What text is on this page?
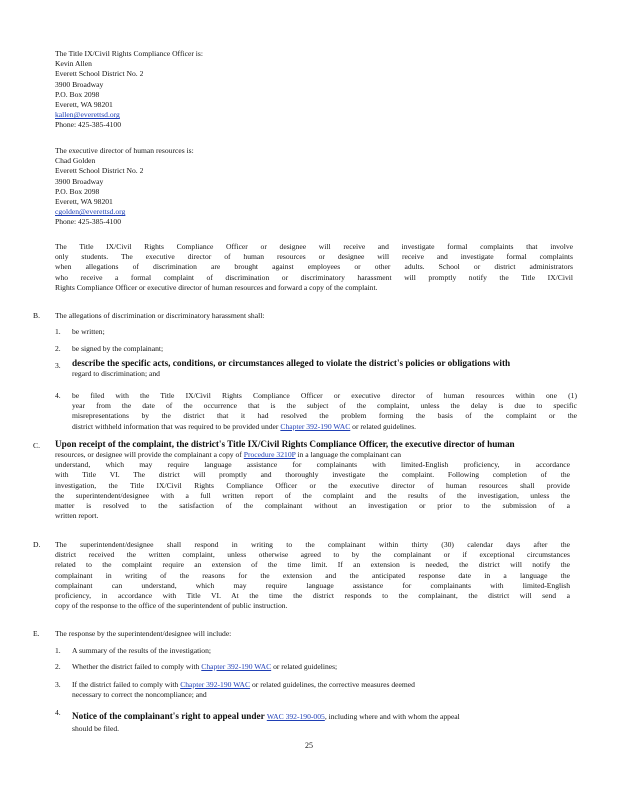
The Title IX/Civil Rights Compliance Officer is:
Kevin Allen
Everett School District No. 2
3900 Broadway
P.O. Box 2098
Everett, WA 98201
kallen@everettsd.org
Phone: 425-385-4100
The executive director of human resources is:
Chad Golden
Everett School District No. 2
3900 Broadway
P.O. Box 2098
Everett, WA 98201
cgolden@everettsd.org
Phone: 425-385-4100
The Title IX/Civil Rights Compliance Officer or designee will receive and investigate formal complaints that involve
only students. The executive director of human resources or designee will receive and investigate formal complaints
when allegations of discrimination are brought against employees or other adults. School or district administrators
who receive a formal complaint of discrimination or discriminatory harassment will promptly notify the Title IX/Civil
Rights Compliance Officer or executive director of human resources and forward a copy of the complaint.
B. The allegations of discrimination or discriminatory harassment shall:
1. be written;
2. be signed by the complainant;
3. describe the specific acts, conditions, or circumstances alleged to violate the district's policies or obligations with
regard to discrimination; and
4. be filed with the Title IX/Civil Rights Compliance Officer or executive director of human resources within one (1)
year from the date of the occurrence that is the subject of the complaint, unless the delay is due to specific
misrepresentations by the district that it had resolved the problem forming the basis of the complaint or the
district withheld information that was required to be provided under Chapter 392-190 WAC or related guidelines.
C. Upon receipt of the complaint, the district's Title IX/Civil Rights Compliance Officer, the executive director of human
resources, or designee will provide the complainant a copy of Procedure 3210P in a language the complainant can
understand, which may require language assistance for complainants with limited-English proficiency, in accordance
with Title VI. The district will promptly and thoroughly investigate the complaint. Following completion of the
investigation, the Title IX/Civil Rights Compliance Officer or the executive director of human resources shall provide
the superintendent/designee with a full written report of the complaint and the results of the investigation, unless the
matter is resolved to the satisfaction of the complainant without an investigation or prior to the submission of a
written report.
D. The superintendent/designee shall respond in writing to the complainant within thirty (30) calendar days after the
district received the written complaint, unless otherwise agreed to by the complainant or if exceptional circumstances
related to the complaint require an extension of the time limit. If an extension is needed, the district will notify the
complainant in writing of the reasons for the extension and the anticipated response date in a language the
complainant can understand, which may require language assistance for complainants with limited-English
proficiency, in accordance with Title VI. At the time the district responds to the complainant, the district will send a
copy of the response to the office of the superintendent of public instruction.
E. The response by the superintendent/designee will include:
1. A summary of the results of the investigation;
2. Whether the district failed to comply with Chapter 392-190 WAC or related guidelines;
3. If the district failed to comply with Chapter 392-190 WAC or related guidelines, the corrective measures deemed
necessary to correct the noncompliance; and
4. Notice of the complainant's right to appeal under WAC 392-190-005, including where and with whom the appeal
should be filed.
25
